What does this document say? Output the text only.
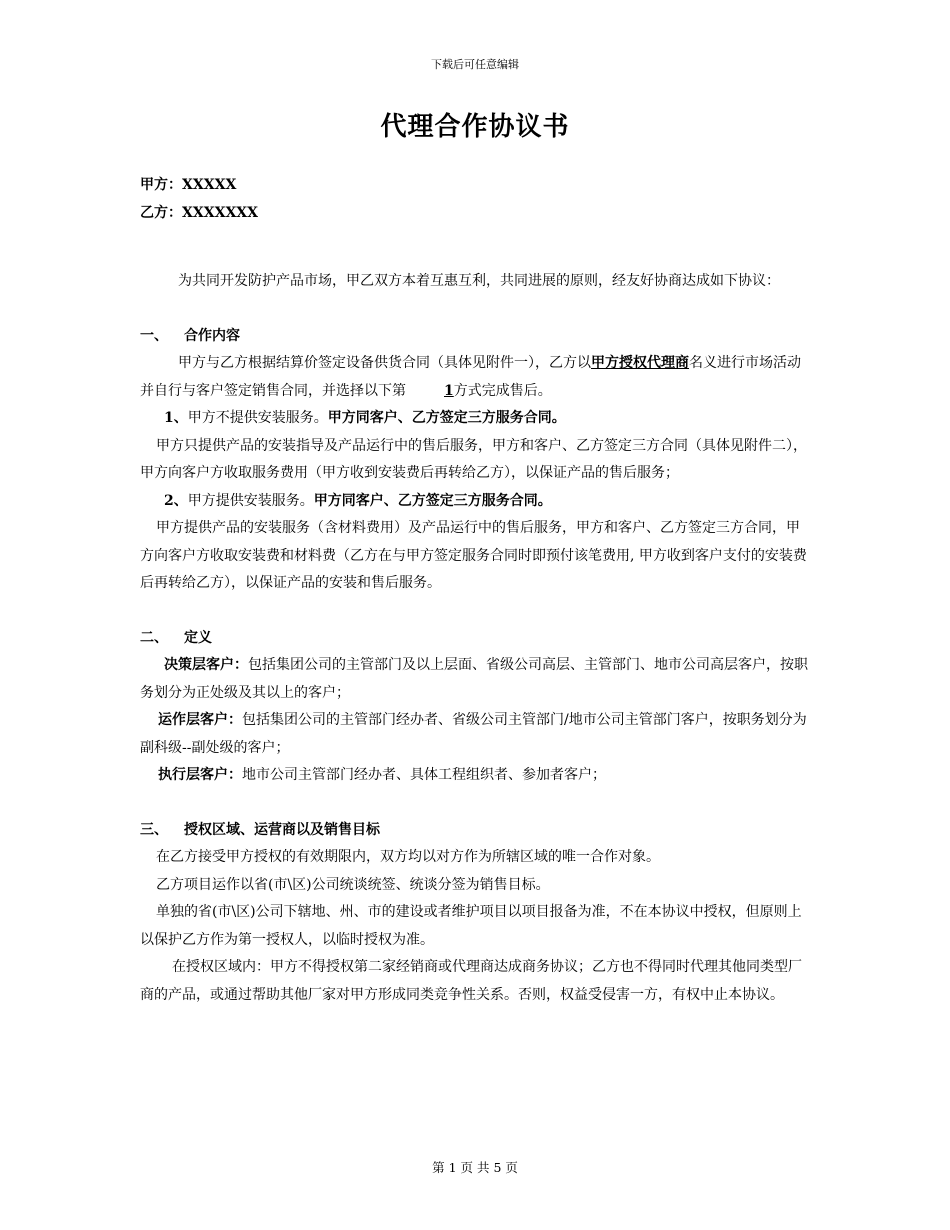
下载后可任意编辑
代理合作协议书

甲方：XXXXX

乙方：XXXXXXX

为共同开发防护产品市场，甲乙双方本着互惠互利，共同进展的原则，经友好协商达成如下协议：

一、 合作内容

甲方与乙方根据结算价签定设备供货合同（具体见附件一），乙方以甲方授权代理商名义进行市场活动并自行与客户签定销售合同，并选择以下第	1方式完成售后。

1、甲方不提供安装服务。甲方同客户、乙方签定三方服务合同。

甲方只提供产品的安装指导及产品运行中的售后服务，甲方和客户、乙方签定三方合同（具体见附件二），甲方向客户方收取服务费用（甲方收到安装费后再转给乙方），以保证产品的售后服务；

2、甲方提供安装服务。甲方同客户、乙方签定三方服务合同。

甲方提供产品的安装服务（含材料费用）及产品运行中的售后服务，甲方和客户、乙方签定三方合同，甲方向客户方收取安装费和材料费（乙方在与甲方签定服务合同时即预付该笔费用, 甲方收到客户支付的安装费后再转给乙方），以保证产品的安装和售后服务。

二、 定义

决策层客户：包括集团公司的主管部门及以上层面、省级公司高层、主管部门、地市公司高层客户，按职务划分为正处级及其以上的客户；

运作层客户：包括集团公司的主管部门经办者、省级公司主管部门/地市公司主管部门客户，按职务划分为副科级--副处级的客户；

执行层客户：地市公司主管部门经办者、具体工程组织者、参加者客户；

三、 授权区域、运营商以及销售目标

在乙方接受甲方授权的有效期限内，双方均以对方作为所辖区域的唯一合作对象。

乙方项目运作以省(市\区)公司统谈统签、统谈分签为销售目标。

单独的省(市\区)公司下辖地、州、市的建设或者维护项目以项目报备为准，不在本协议中授权，但原则上以保护乙方作为第一授权人，以临时授权为准。

在授权区域内：甲方不得授权第二家经销商或代理商达成商务协议；乙方也不得同时代理其他同类型厂商的产品，或通过帮助其他厂家对甲方形成同类竞争性关系。否则，权益受侵害一方，有权中止本协议。

第 1 页 共 5 页
